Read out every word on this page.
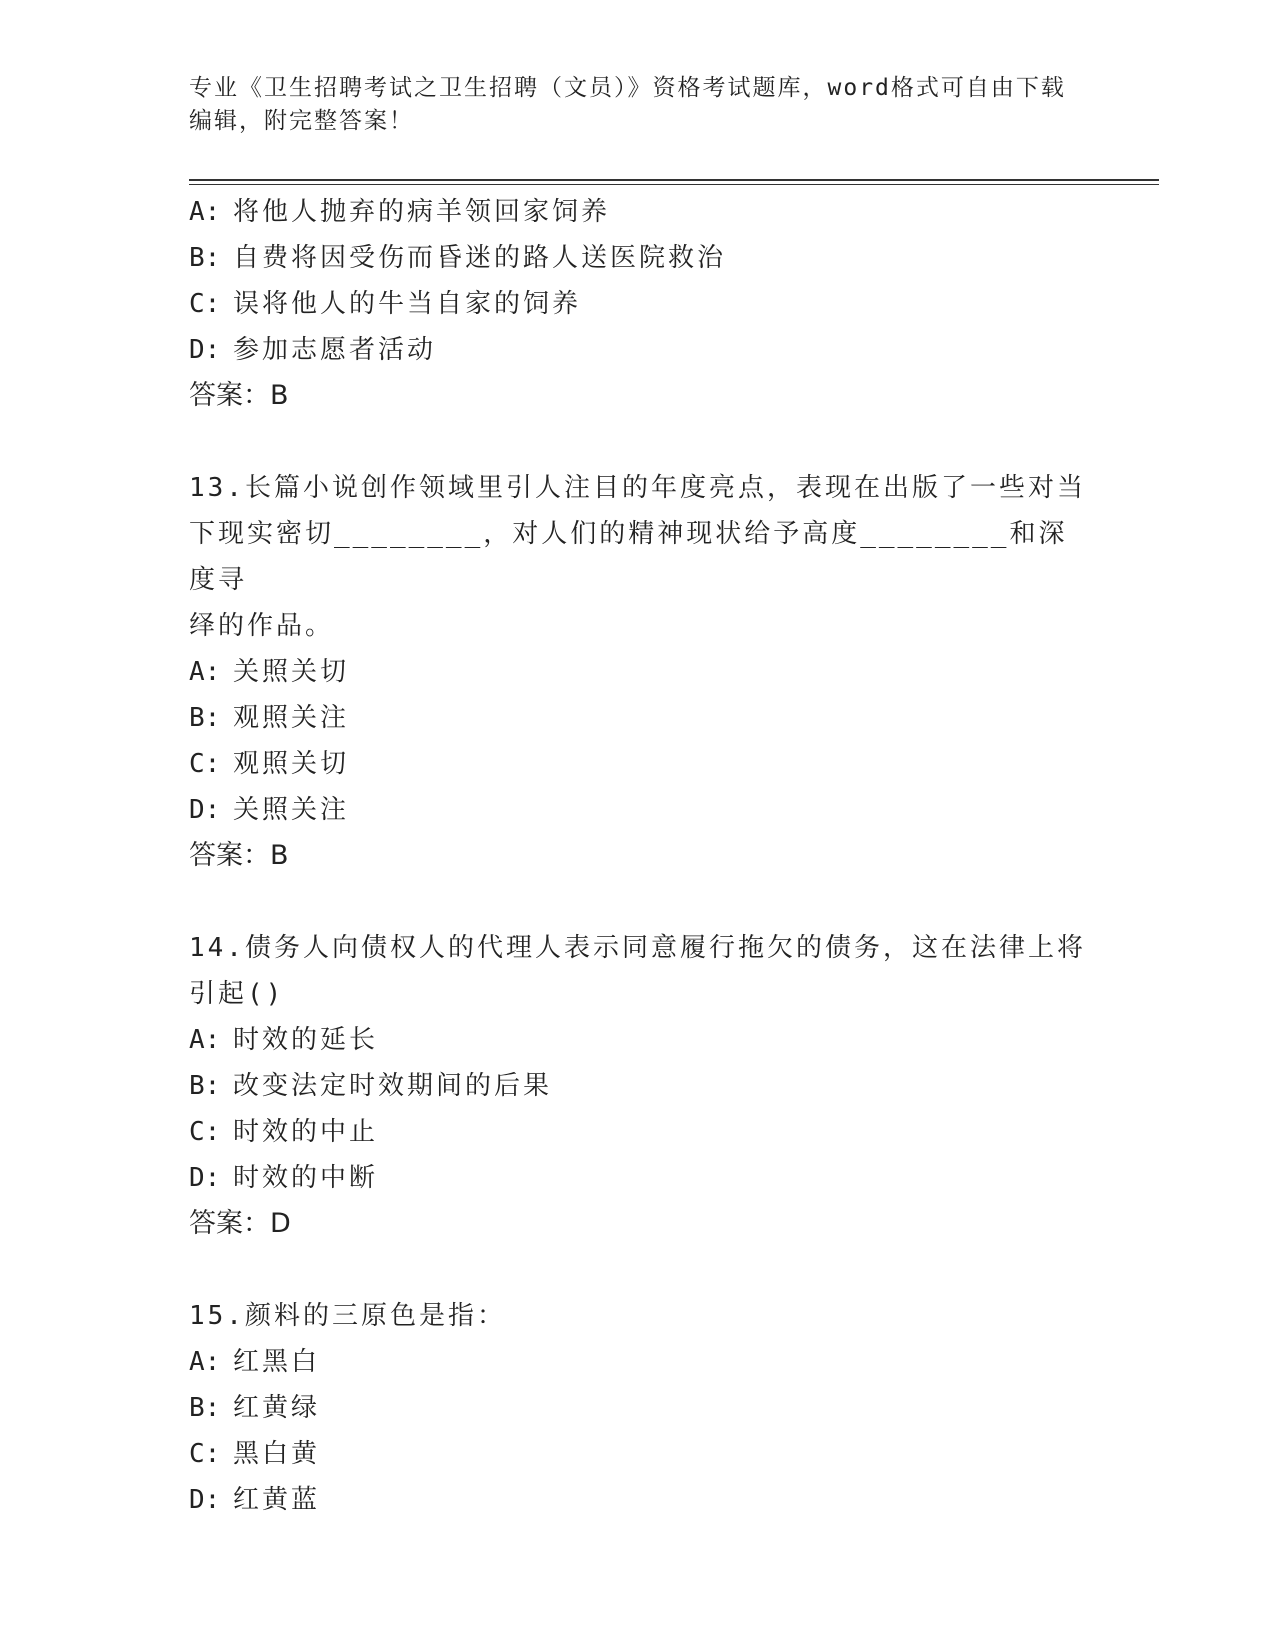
专业《卫生招聘考试之卫生招聘（文员）》资格考试题库，word格式可自由下载
编辑，附完整答案！
A: 将他人抛弃的病羊领回家饲养
B: 自费将因受伤而昏迷的路人送医院救治
C: 误将他人的牛当自家的饲养
D: 参加志愿者活动
答案：B
13.长篇小说创作领域里引人注目的年度亮点，表现在出版了一些对当
下现实密切________，对人们的精神现状给予高度________和深度寻
绎的作品。
A: 关照关切
B: 观照关注
C: 观照关切
D: 关照关注
答案：B
14.债务人向债权人的代理人表示同意履行拖欠的债务，这在法律上将
引起()
A: 时效的延长
B: 改变法定时效期间的后果
C: 时效的中止
D: 时效的中断
答案：D
15.颜料的三原色是指：
A: 红黑白
B: 红黄绿
C: 黑白黄
D: 红黄蓝
